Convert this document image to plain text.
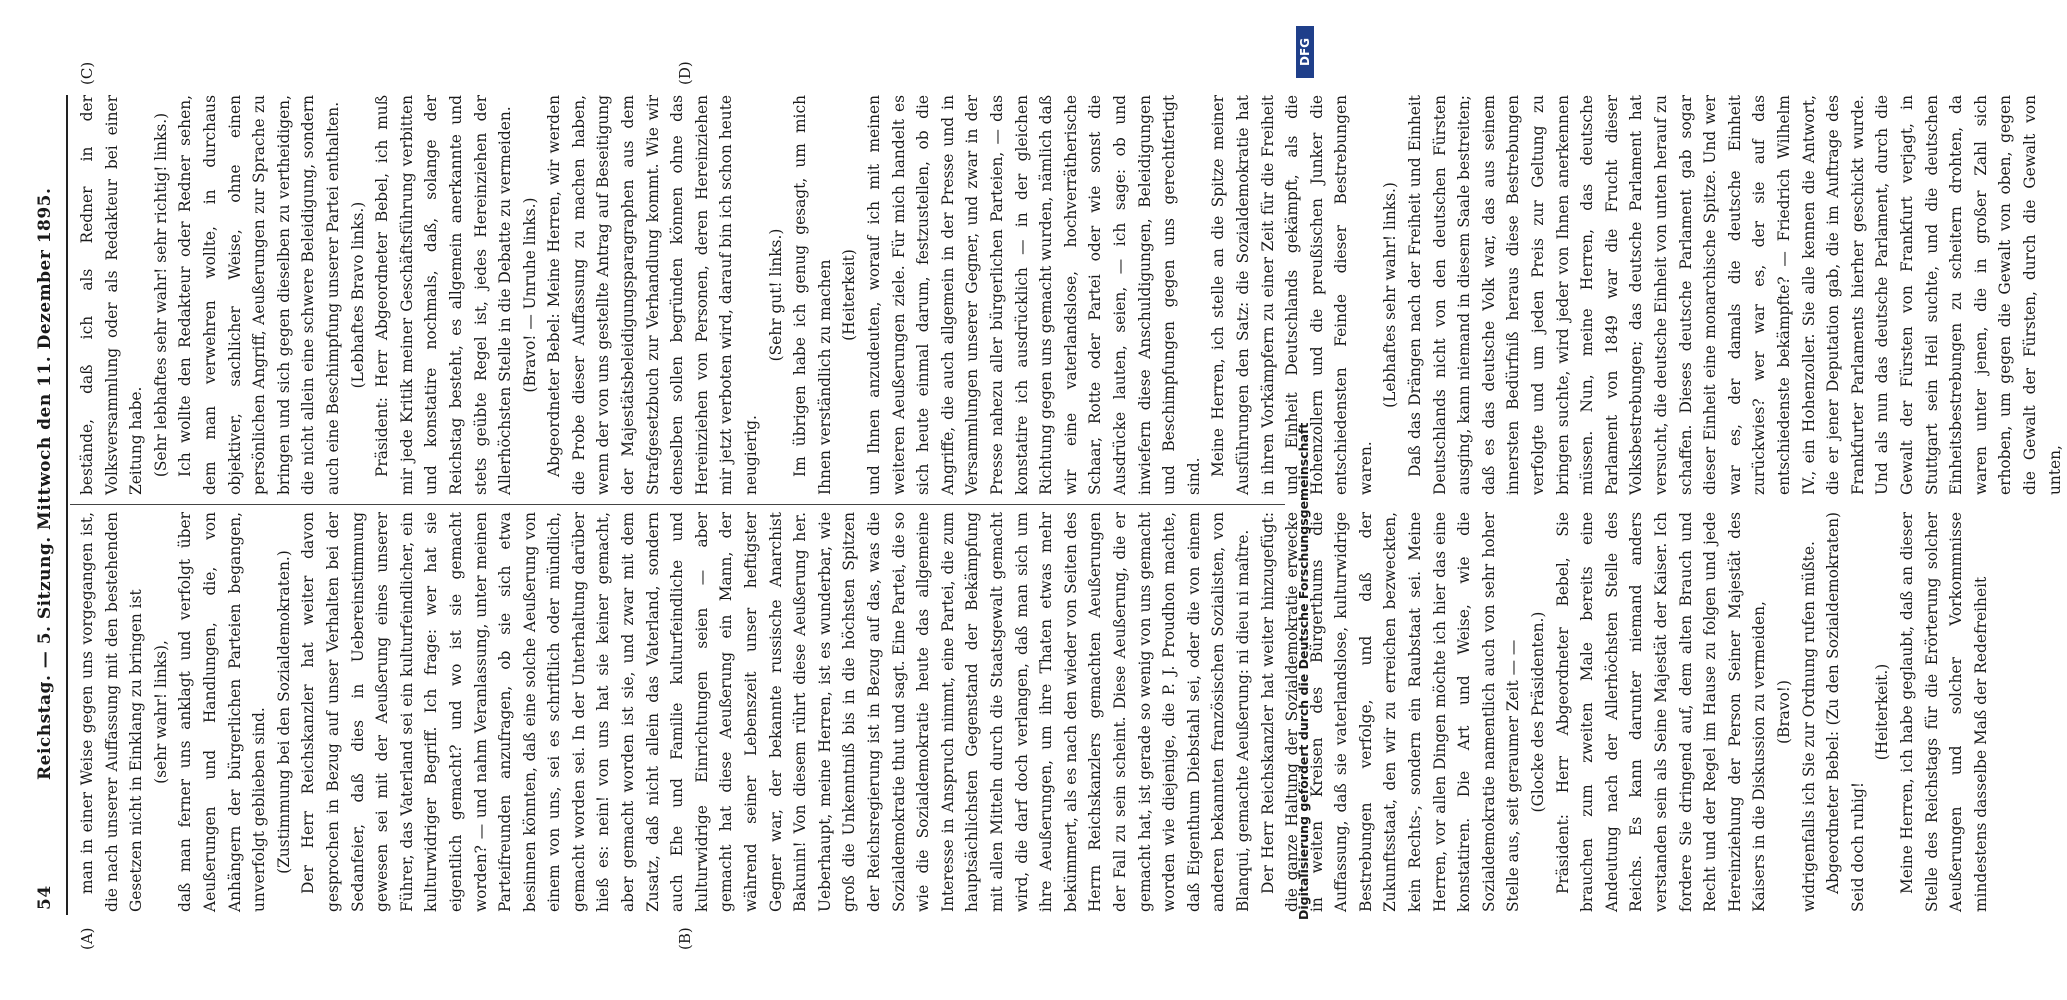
54
Reichstag. — 5. Sitzung. Mittwoch den 11. Dezember 1895.
(A)	(B)
(C)	(D)

man in einer Weise gegen uns vorgegangen ist, die nach unserer Auffassung mit den bestehenden Gesetzen nicht in Einklang zu bringen ist (sehr wahr! links), daß man ferner uns anklagt und verfolgt über Aeußerungen und Handlungen, die, von Anhängern der bürgerlichen Parteien begangen, unverfolgt geblieben sind. (Zustimmung bei den Sozialdemokraten.) Der Herr Reichskanzler hat weiter davon gesprochen in Bezug auf unser Verhalten bei der Sedanfeier, daß dies in Uebereinstimmung gewesen sei mit der Aeußerung eines unserer Führer, das Vaterland sei ein kulturfeindlicher, ein kulturwidriger Begriff. Ich frage: wer hat sie eigentlich gemacht? und wo ist sie gemacht worden? — und nahm Veranlassung, unter meinen Parteifreunden anzufragen, ob sie sich etwa besinnen könnten, daß eine solche Aeußerung von einem von uns, sei es schriftlich oder mündlich, gemacht worden sei. In der Unterhaltung darüber hieß es: nein! von uns hat sie keiner gemacht, aber gemacht worden ist sie, und zwar mit dem Zusatz, daß nicht allein das Vaterland, sondern auch Ehe und Familie kulturfeindliche und kulturwidrige Einrichtungen seien — aber gemacht hat diese Aeußerung ein Mann, der während seiner Lebenszeit unser heftigster Gegner war, der bekannte russische Anarchist Bakunin! Von diesem rührt diese Aeußerung her. Ueberhaupt, meine Herren, ist es wunderbar, wie groß die Unkenntniß bis in die höchsten Spitzen der Reichsregierung ist in Bezug auf das, was die Sozialdemokratie thut und sagt. Eine Partei, die so wie die Sozialdemokratie heute das allgemeine Interesse in Anspruch nimmt, eine Partei, die zum hauptsächlichsten Gegenstand der Bekämpfung mit allen Mitteln durch die Staatsgewalt gemacht wird, die darf doch verlangen, daß man sich um ihre Aeußerungen, um ihre Thaten etwas mehr bekümmert, als es nach den wieder von Seiten des Herrn Reichskanzlers gemachten Aeußerungen der Fall zu sein scheint. Diese Aeußerung, die er gemacht hat, ist gerade so wenig von uns gemacht worden wie diejenige, die P. J. Proudhon machte, daß Eigenthum Diebstahl sei, oder die von einem anderen bekannten französischen Sozialisten, von Blanqui, gemachte Aeußerung: ni dieu ni maître. Der Herr Reichskanzler hat weiter hinzugefügt: die ganze Haltung der Sozialdemokratie erwecke in weiten Kreisen des Bürgerthums die Auffassung, daß sie vaterlandslose, kulturwidrige Bestrebungen verfolge, und daß der Zukunftsstaat, den wir zu erreichen bezweckten, kein Rechts-, sondern ein Raubstaat sei. Meine Herren, vor allen Dingen möchte ich hier das eine konstatiren. Die Art und Weise, wie die Sozialdemokratie namentlich auch von sehr hoher Stelle aus, seit geraumer Zeit — — (Glocke des Präsidenten.) Präsident: Herr Abgeordneter Bebel, Sie brauchen zum zweiten Male bereits eine Andeutung nach der Allerhöchsten Stelle des Reichs. Es kann darunter niemand anders verstanden sein als Seine Majestät der Kaiser. Ich fordere Sie dringend auf, dem alten Brauch und Recht und der Regel im Hause zu folgen und jede Hereinziehung der Person Seiner Majestät des Kaisers in die Diskussion zu vermeiden, (Bravo!) widrigenfalls ich Sie zur Ordnung rufen müßte. Abgeordneter Bebel: (Zu den Sozialdemokraten) Seid doch ruhig!

(Heiterkeit.) Meine Herren, ich habe geglaubt, daß an dieser Stelle des Reichstags für die Erörterung solcher Aeußerungen und solcher Vorkommnisse mindestens dasselbe Maß der Redefreiheit

bestände, daß ich als Redner in der Volksversammlung oder als Redakteur bei einer Zeitung habe. (Sehr lebhaftes sehr wahr! sehr richtig! links.) Ich wollte den Redakteur oder Redner sehen, dem man verwehren wollte, in durchaus objektiver, sachlicher Weise, ohne einen persönlichen Angriff, Aeußerungen zur Sprache zu bringen und sich gegen dieselben zu vertheidigen, die nicht allein eine schwere Beleidigung, sondern auch eine Beschimpfung unserer Partei enthalten. (Lebhaftes Bravo links.) Präsident: Herr Abgeordneter Bebel, ich muß mir jede Kritik meiner Geschäftsführung verbitten und konstatire nochmals, daß, solange der Reichstag besteht, es allgemein anerkannte und stets geübte Regel ist, jedes Hereinziehen der Allerhöchsten Stelle in die Debatte zu vermeiden. (Bravo! — Unruhe links.) Abgeordneter Bebel: Meine Herren, wir werden die Probe dieser Auffassung zu machen haben, wenn der von uns gestellte Antrag auf Beseitigung der Majestätsbeleidigungsparagraphen aus dem Strafgesetzbuch zur Verhandlung kommt. Wie wir denselben sollen begründen können ohne das Hereinziehen von Personen, deren Hereinziehen mir jetzt verboten wird, darauf bin ich schon heute neugierig.

(Sehr gut! links.) Im übrigen habe ich genug gesagt, um mich Ihnen verständlich zu machen (Heiterkeit) und Ihnen anzudeuten, worauf ich mit meinen weiteren Aeußerungen ziele. Für mich handelt es sich heute einmal darum, festzustellen, ob die Angriffe, die auch allgemein in der Presse und in Versammlungen unserer Gegner, und zwar in der Presse nahezu aller bürgerlichen Parteien, — das konstatire ich ausdrücklich — in der gleichen Richtung gegen uns gemacht wurden, nämlich daß wir eine vaterlandslose, hochverrätherische Schaar, Rotte oder Partei oder wie sonst die Ausdrücke lauten, seien, — ich sage: ob und inwiefern diese Anschuldigungen, Beleidigungen und Beschimpfungen gegen uns gerechtfertigt sind. Meine Herren, ich stelle an die Spitze meiner Ausführungen den Satz: die Sozialdemokratie hat in ihren Vorkämpfern zu einer Zeit für die Freiheit und Einheit Deutschlands gekämpft, als die Hohenzollern und die preußischen Junker die entschiedensten Feinde dieser Bestrebungen waren.

(Lebhaftes sehr wahr! links.) Daß das Drängen nach der Freiheit und Einheit Deutschlands nicht von den deutschen Fürsten ausging, kann niemand in diesem Saale bestreiten; daß es das deutsche Volk war, das aus seinem innersten Bedürfniß heraus diese Bestrebungen verfolgte und um jeden Preis zur Geltung zu bringen suchte, wird jeder von Ihnen anerkennen müssen. Nun, meine Herren, das deutsche Parlament von 1849 war die Frucht dieser Volksbestrebungen; das deutsche Parlament hat versucht, die deutsche Einheit von unten herauf zu schaffen. Dieses deutsche Parlament gab sogar dieser Einheit eine monarchische Spitze. Und wer war es, der damals die deutsche Einheit zurückwies? wer war es, der sie auf das entschiedenste bekämpfte? — Friedrich Wilhelm IV., ein Hohenzoller. Sie alle kennen die Antwort, die er jener Deputation gab, die im Auftrage des Frankfurter Parlaments hierher geschickt wurde. Und als nun das deutsche Parlament, durch die Gewalt der Fürsten von Frankfurt verjagt, in Stuttgart sein Heil suchte, und die deutschen Einheitsbestrebungen zu scheitern drohten, da waren unter jenen, die in großer Zahl sich erhoben, um gegen die Gewalt von oben, gegen die Gewalt der Fürsten, durch die Gewalt von unten,

Digitalisierung gefördert durch die Deutsche Forschungsgemeinschaft
DFG
